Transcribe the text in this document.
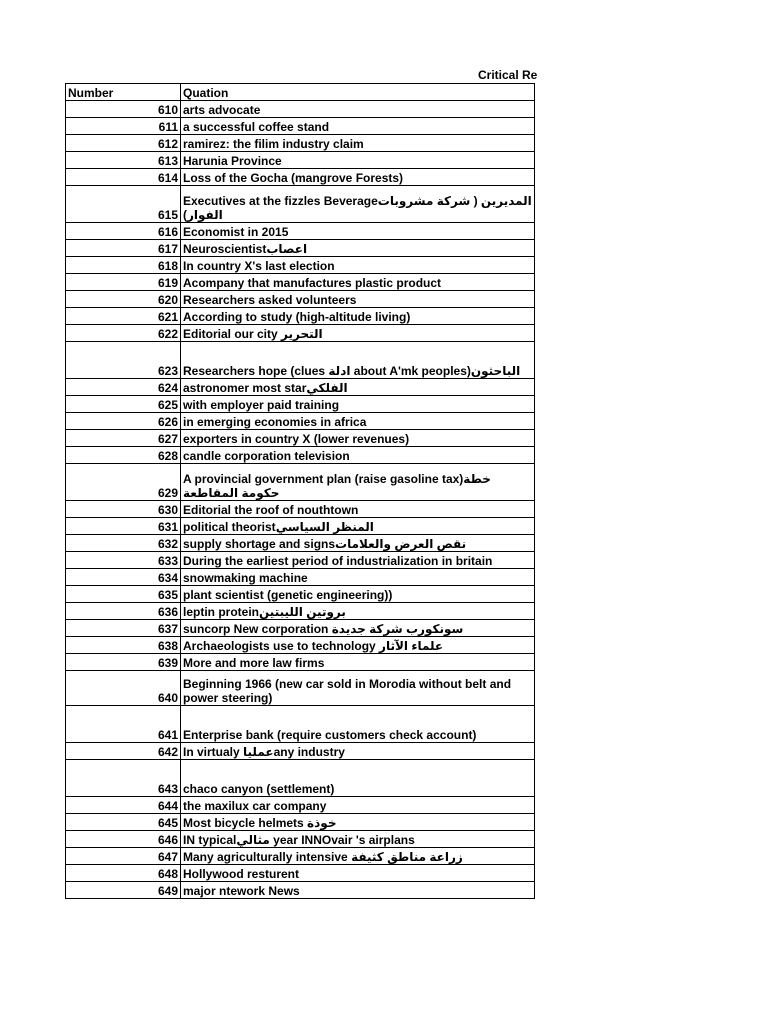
Critical Re
Number	Quation
610	arts advocate
611	a successful coffee stand
612	ramirez: the filim industry claim
613	Harunia Province
614	Loss of the Gocha (mangrove Forests)
615	Executives at the fizzles Beverageالمديرين ( شركة مشروبات الفوار)
616	Economist in 2015
617	Neuroscientistاعصاب
618	In country X's last election
619	Acompany that manufactures plastic product
620	Researchers asked volunteers
621	According to study (high-altitude living)
622	Editorial our city التحرير
623	Researchers hope (clues ادلة about A'mk peoples)الباحثون
624	astronomer most starالفلكي
625	with employer paid training
626	in emerging economies in africa
627	exporters in country X (lower revenues)
628	candle corporation television
629	A provincial government plan (raise gasoline tax)خطة حكومة المقاطعة
630	Editorial the roof of nouthtown
631	political theoristالمنظر السياسي
632	supply shortage and signsنقص العرض والعلامات
633	During the earliest period of industrialization in britain
634	snowmaking machine
635	plant scientist (genetic engineering))
636	leptin proteinبروتين الليبتين
637	suncorp New corporation سونكورب شركة جديدة
638	Archaeologists use to technology علماء الآثار
639	More and more law firms
640	Beginning 1966 (new car sold in Morodia without belt and power steering)
641	Enterprise bank (require customers check account)
642	In virtualy عملياany industry
643	chaco canyon (settlement)
644	the maxilux car company
645	Most bicycle helmets خوذة
646	IN typicalمثالي year INNOvair 's airplans
647	Many agriculturally intensive زراعة مناطق كثيفة
648	Hollywood resturent
649	major ntework News
